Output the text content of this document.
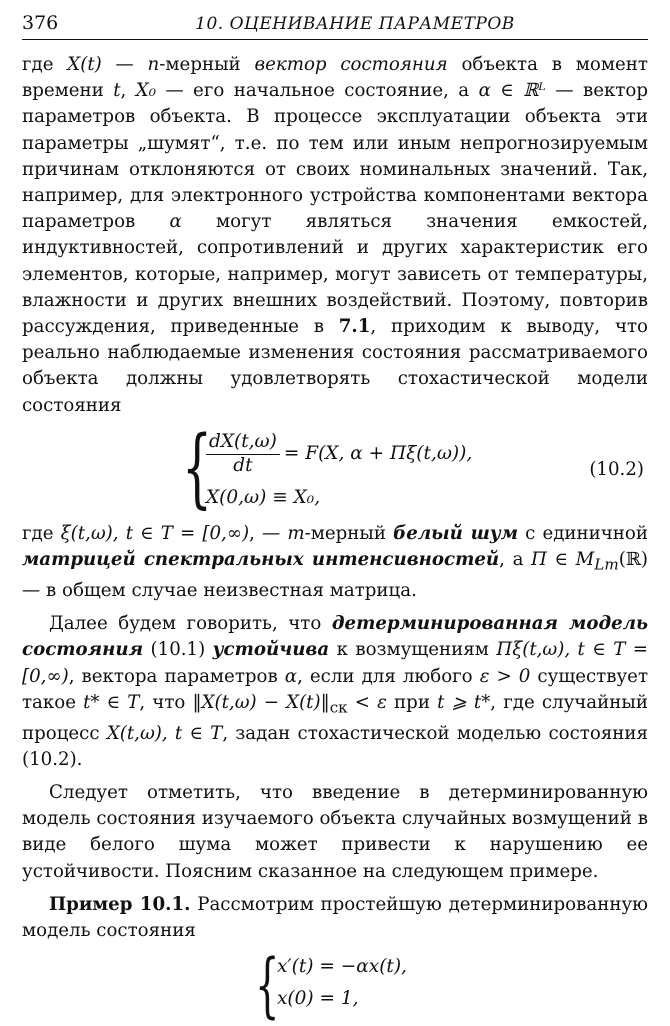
376	10. ОЦЕНИВАНИЕ ПАРАМЕТРОВ

где X(t) — n-мерный вектор состояния объекта в момент времени t, X₀ — его начальное состояние, а α ∈ ℝᴸ — вектор параметров объекта. В процессе эксплуатации объекта эти параметры „шумят“, т.е. по тем или иным непрогнозируемым причинам отклоняются от своих номинальных значений. Так, например, для электронного устройства компонентами вектора параметров α могут являться значения емкостей, индуктивностей, сопротивлений и других характеристик его элементов, которые, например, могут зависеть от температуры, влажности и других внешних воздействий. Поэтому, повторив рассуждения, приведенные в 7.1, приходим к выводу, что реально наблюдаемые изменения состояния рассматриваемого объекта должны удовлетворять стохастической модели состояния

{
$\frac{dX(t,\omega)}{dt} = F(X$, α + Πξ(t,ω)),
X(0,ω) ≡ X₀,
(10.2)

где ξ(t,ω), t ∈ T = [0,∞), — m-мерный белый шум с единичной матрицей спектральных интенсивностей, а Π ∈ $M_{Lm}(ℝ)$ — в общем случае неизвестная матрица.

Далее будем говорить, что детерминированная модель состояния (10.1) устойчива к возмущениям Πξ(t,ω), t ∈ T = [0,∞), вектора параметров α, если для любого ε > 0 существует такое t* ∈ T, что ‖X(t,ω) − $X(t)‖_{ск} < \varepsilon$ при t ⩾ t*, где случайный процесс X(t,ω), t ∈ T, задан стохастической моделью состояния (10.2).

Следует отметить, что введение в детерминированную модель состояния изучаемого объекта случайных возмущений в виде белого шума может привести к нарушению ее устойчивости. Поясним сказанное на следующем примере.

Пример 10.1. Рассмотрим простейшую детерминированную модель состояния

{
x′(t) = −αx(t),
x(0) = 1,
